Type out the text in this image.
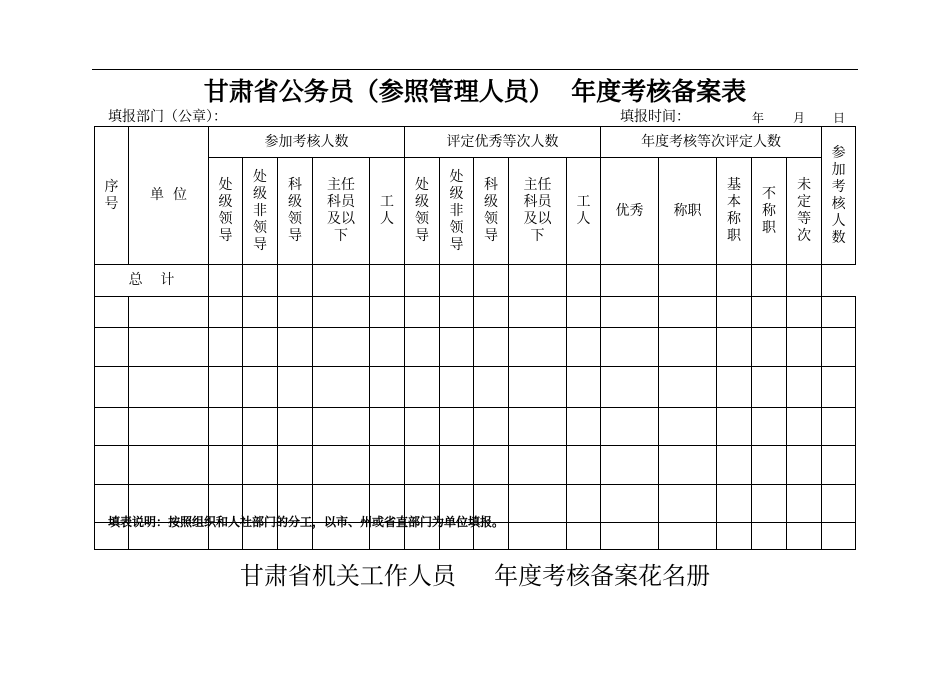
甘肃省公务员（参照管理人员）  年度考核备案表
填报部门（公章）：	填报时间：	年 月 日
序号	单  位	参加考核人数					评定优秀等次人数					年度考核等次评定人数					参加考核人数
		处级领导	处级非领导	科级领导	主任科员及以下	工人	处级领导	处级非领导	科级领导	主任科员及以下	工人	优秀	称职	基本称职	不称职	未定等次	
总    计																	

填表说明：按照组织和人社部门的分工，以市、州或省直部门为单位填报。
甘肃省机关工作人员     年度考核备案花名册
